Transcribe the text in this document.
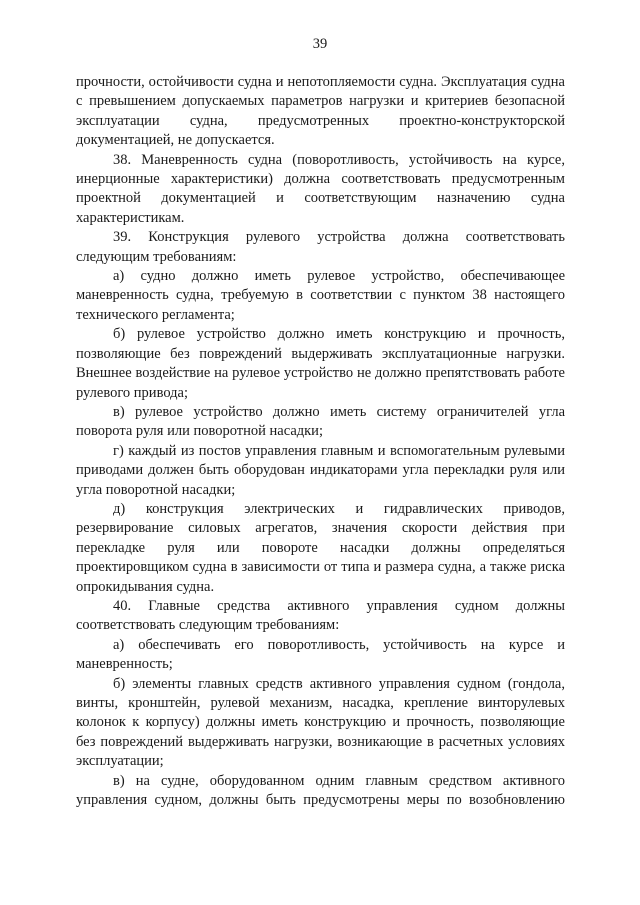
39

прочности, остойчивости судна и непотопляемости судна. Эксплуатация судна с превышением допускаемых параметров нагрузки и критериев безопасной эксплуатации судна, предусмотренных проектно-конструкторской документацией, не допускается.

38. Маневренность судна (поворотливость, устойчивость на курсе, инерционные характеристики) должна соответствовать предусмотренным проектной документацией и соответствующим назначению судна характеристикам.

39. Конструкция рулевого устройства должна соответствовать следующим требованиям:

а) судно должно иметь рулевое устройство, обеспечивающее маневренность судна, требуемую в соответствии с пунктом 38 настоящего технического регламента;

б) рулевое устройство должно иметь конструкцию и прочность, позволяющие без повреждений выдерживать эксплуатационные нагрузки. Внешнее воздействие на рулевое устройство не должно препятствовать работе рулевого привода;

в) рулевое устройство должно иметь систему ограничителей угла поворота руля или поворотной насадки;

г) каждый из постов управления главным и вспомогательным рулевыми приводами должен быть оборудован индикаторами угла перекладки руля или угла поворотной насадки;

д) конструкция электрических и гидравлических приводов, резервирование силовых агрегатов, значения скорости действия при перекладке руля или повороте насадки должны определяться проектировщиком судна в зависимости от типа и размера судна, а также риска опрокидывания судна.

40. Главные средства активного управления судном должны соответствовать следующим требованиям:

а) обеспечивать его поворотливость, устойчивость на курсе и маневренность;

б) элементы главных средств активного управления судном (гондола, винты, кронштейн, рулевой механизм, насадка, крепление винторулевых колонок к корпусу) должны иметь конструкцию и прочность, позволяющие без повреждений выдерживать нагрузки, возникающие в расчетных условиях эксплуатации;

в) на судне, оборудованном одним главным средством активного управления судном, должны быть предусмотрены меры по возобновлению
